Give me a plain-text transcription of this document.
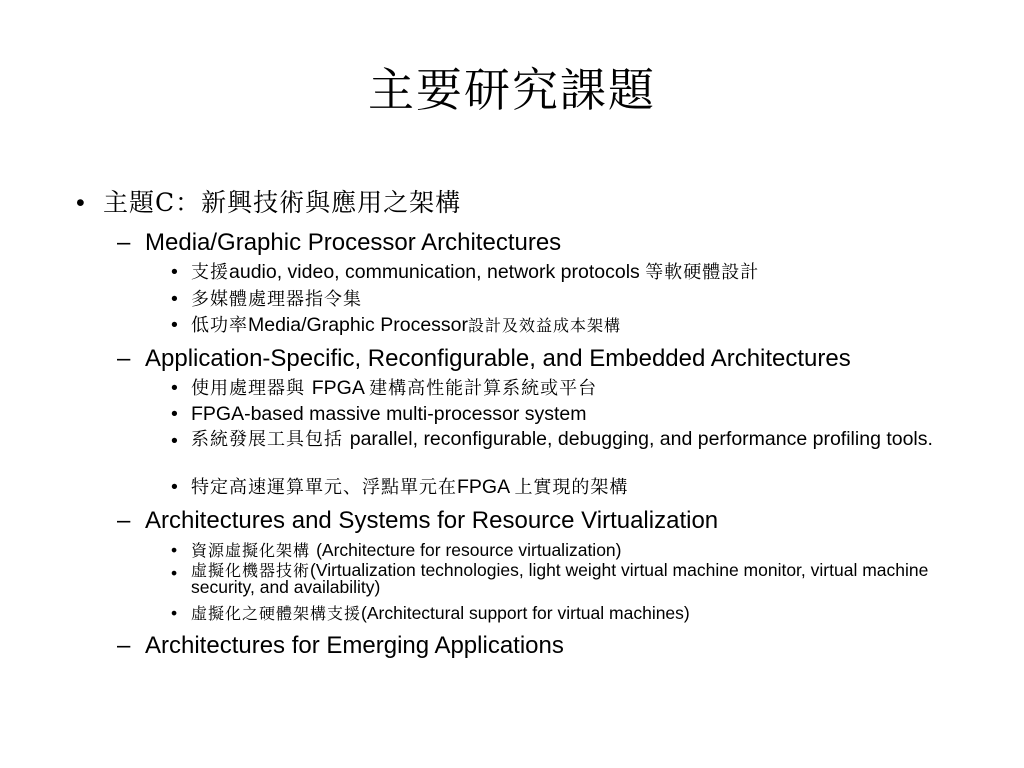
主要研究課題
• 主題C：新興技術與應用之架構
– Media/Graphic Processor Architectures
• 支援audio, video, communication, network protocols 等軟硬體設計
• 多媒體處理器指令集
• 低功率Media/Graphic Processor設計及效益成本架構
– Application-Specific, Reconfigurable, and Embedded Architectures
• 使用處理器與 FPGA 建構高性能計算系統或平台
• FPGA-based massive multi-processor system
• 系統發展工具包括 parallel, reconfigurable, debugging, and performance profiling tools.
• 特定高速運算單元、浮點單元在FPGA 上實現的架構
– Architectures and Systems for Resource Virtualization
• 資源虛擬化架構 (Architecture for resource virtualization)
• 虛擬化機器技術(Virtualization technologies, light weight virtual machine monitor, virtual machine security, and availability)
• 虛擬化之硬體架構支援(Architectural support for virtual machines)
– Architectures for Emerging Applications
